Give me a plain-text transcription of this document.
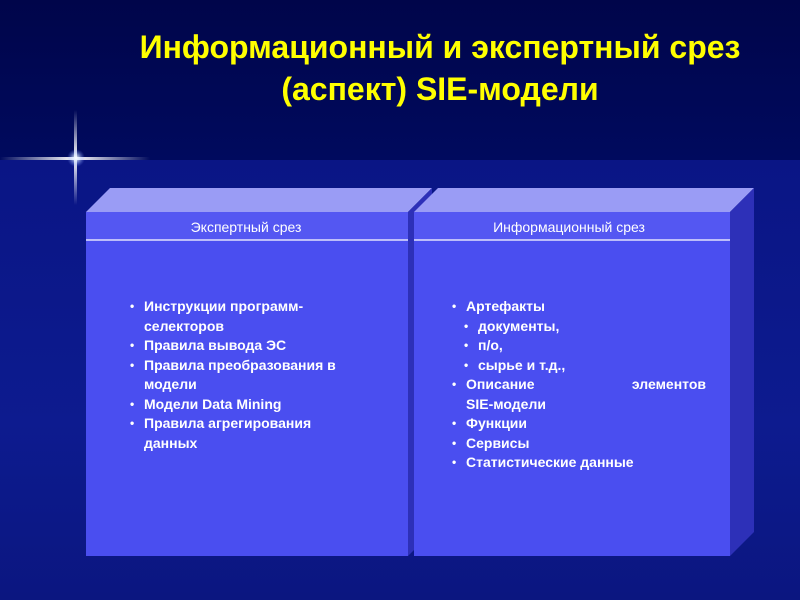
Информационный и экспертный срез (аспект) SIE-модели
Экспертный срез	Информационный срез
• Инструкции программ-селекторов
• Правила вывода ЭС
• Правила преобразования в модели
• Модели Data Mining
• Правила агрегирования данных
• Артефакты
• документы,
• п/о,
• сырье и т.д.,
• Описание	элементов
SIE-модели
• Функции
• Сервисы
• Статистические данные
